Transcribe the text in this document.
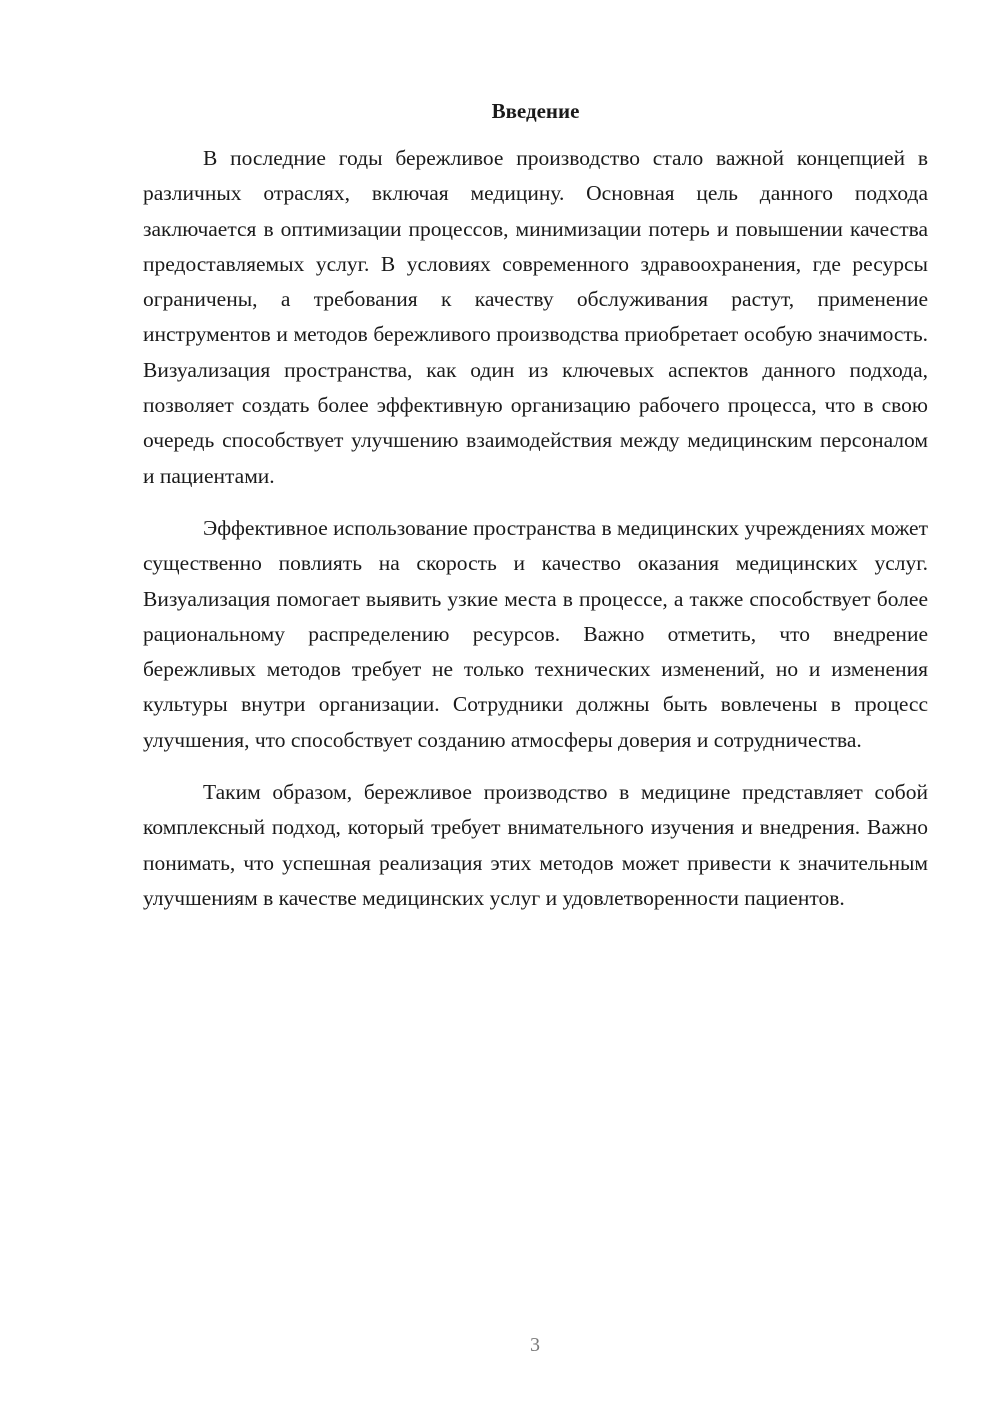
Введение

В последние годы бережливое производство стало важной концепцией в различных отраслях, включая медицину. Основная цель данного подхода заключается в оптимизации процессов, минимизации потерь и повышении качества предоставляемых услуг. В условиях современного здравоохранения, где ресурсы ограничены, а требования к качеству обслуживания растут, применение инструментов и методов бережливого производства приобретает особую значимость. Визуализация пространства, как один из ключевых аспектов данного подхода, позволяет создать более эффективную организацию рабочего процесса, что в свою очередь способствует улучшению взаимодействия между медицинским персоналом и пациентами.

Эффективное использование пространства в медицинских учреждениях может существенно повлиять на скорость и качество оказания медицинских услуг. Визуализация помогает выявить узкие места в процессе, а также способствует более рациональному распределению ресурсов. Важно отметить, что внедрение бережливых методов требует не только технических изменений, но и изменения культуры внутри организации. Сотрудники должны быть вовлечены в процесс улучшения, что способствует созданию атмосферы доверия и сотрудничества.

Таким образом, бережливое производство в медицине представляет собой комплексный подход, который требует внимательного изучения и внедрения. Важно понимать, что успешная реализация этих методов может привести к значительным улучшениям в качестве медицинских услуг и удовлетворенности пациентов.

3
